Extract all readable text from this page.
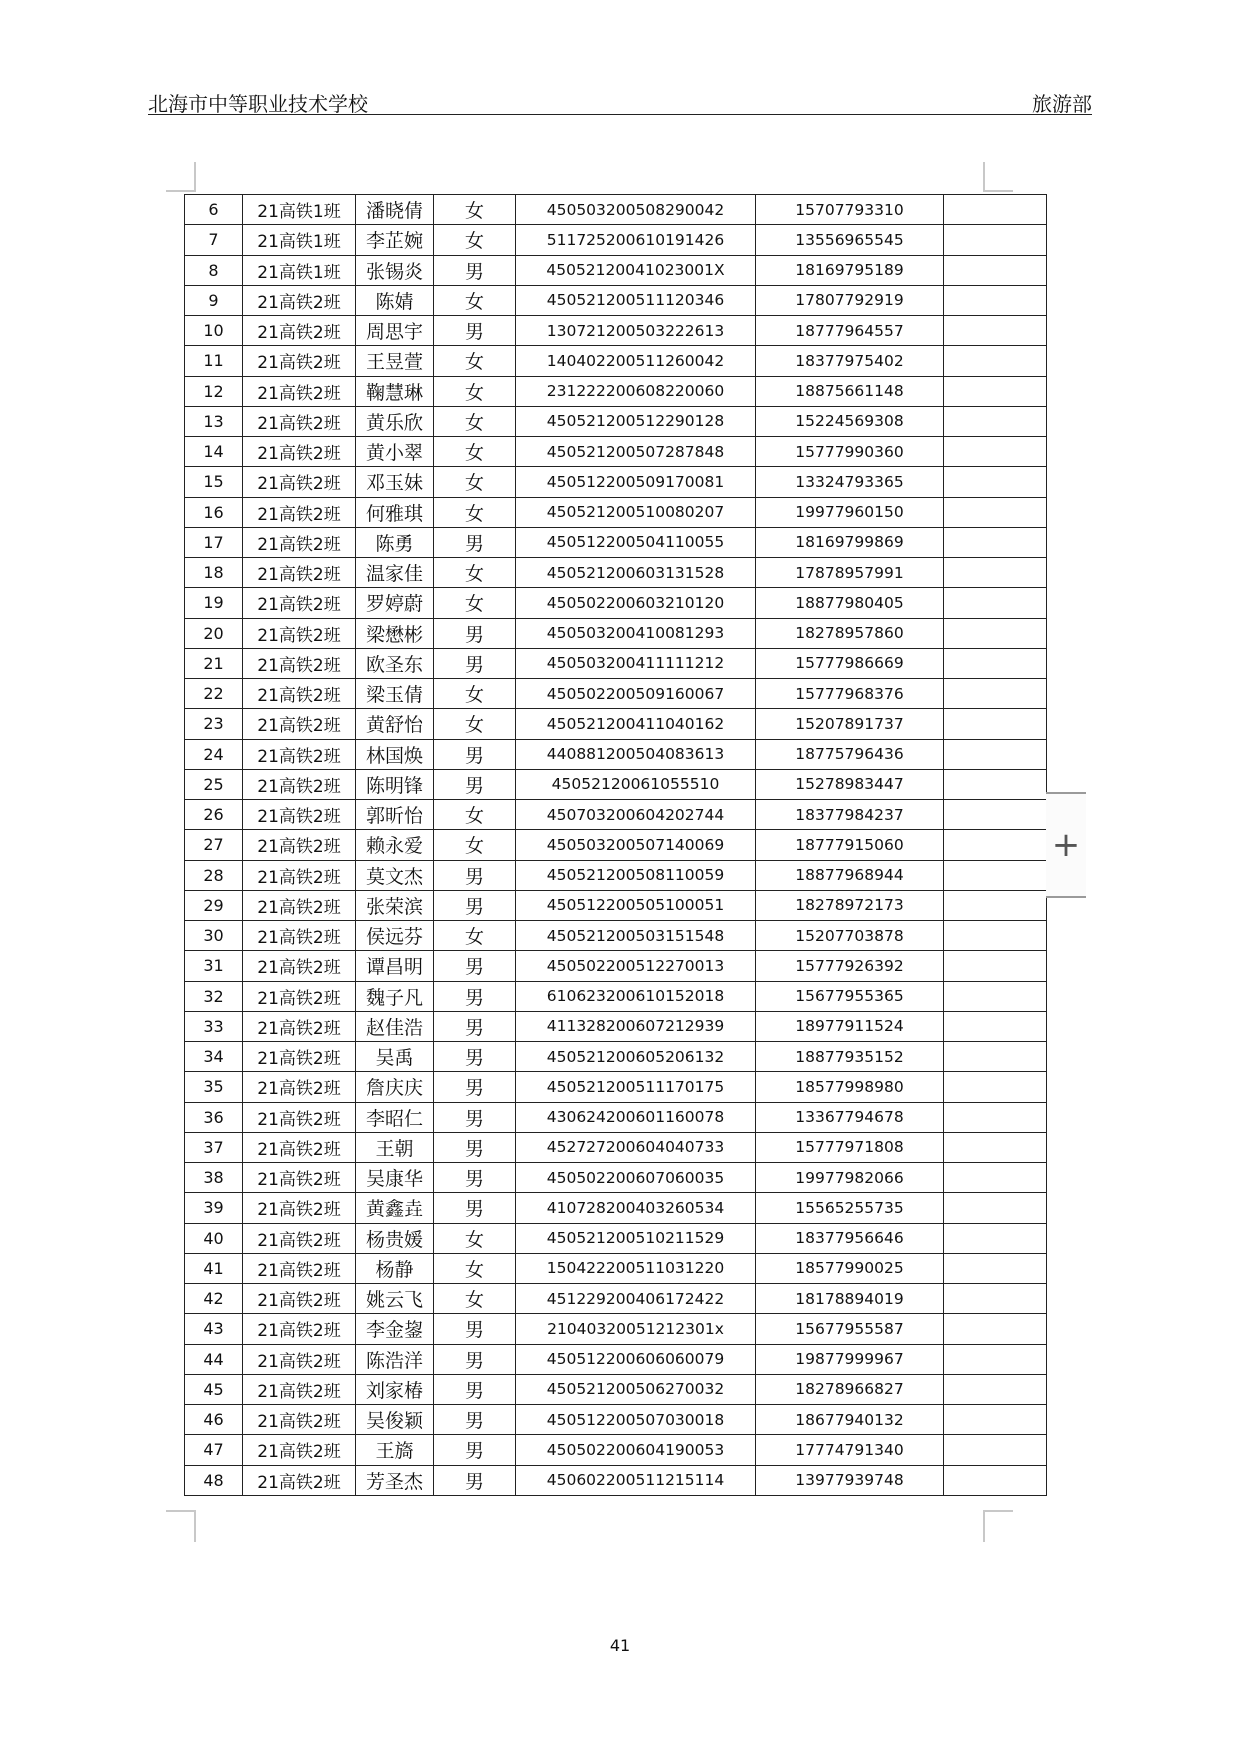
北海市中等职业技术学校	旅游部
6	21高铁1班	潘晓倩	女	450503200508290042	15707793310	
7	21高铁1班	李芷婉	女	511725200610191426	13556965545	
8	21高铁1班	张锡炎	男	45052120041023001X	18169795189	
9	21高铁2班	陈婧	女	450521200511120346	17807792919	
10	21高铁2班	周思宇	男	130721200503222613	18777964557	
11	21高铁2班	王昱萱	女	140402200511260042	18377975402	
12	21高铁2班	鞠慧琳	女	231222200608220060	18875661148	
13	21高铁2班	黄乐欣	女	450521200512290128	15224569308	
14	21高铁2班	黄小翠	女	450521200507287848	15777990360	
15	21高铁2班	邓玉妹	女	450512200509170081	13324793365	
16	21高铁2班	何雅琪	女	450521200510080207	19977960150	
17	21高铁2班	陈勇	男	450512200504110055	18169799869	
18	21高铁2班	温家佳	女	450521200603131528	17878957991	
19	21高铁2班	罗婷蔚	女	450502200603210120	18877980405	
20	21高铁2班	梁懋彬	男	450503200410081293	18278957860	
21	21高铁2班	欧圣东	男	450503200411111212	15777986669	
22	21高铁2班	梁玉倩	女	450502200509160067	15777968376	
23	21高铁2班	黄舒怡	女	450521200411040162	15207891737	
24	21高铁2班	林国焕	男	440881200504083613	18775796436	
25	21高铁2班	陈明锋	男	45052120061055510	15278983447	
26	21高铁2班	郭昕怡	女	450703200604202744	18377984237	
27	21高铁2班	赖永爱	女	450503200507140069	18777915060	
28	21高铁2班	莫文杰	男	450521200508110059	18877968944	
29	21高铁2班	张荣滨	男	450512200505100051	18278972173	
30	21高铁2班	侯远芬	女	450521200503151548	15207703878	
31	21高铁2班	谭昌明	男	450502200512270013	15777926392	
32	21高铁2班	魏子凡	男	610623200610152018	15677955365	
33	21高铁2班	赵佳浩	男	411328200607212939	18977911524	
34	21高铁2班	吴禹	男	450521200605206132	18877935152	
35	21高铁2班	詹庆庆	男	450521200511170175	18577998980	
36	21高铁2班	李昭仁	男	430624200601160078	13367794678	
37	21高铁2班	王朝	男	452727200604040733	15777971808	
38	21高铁2班	吴康华	男	450502200607060035	19977982066	
39	21高铁2班	黄鑫垚	男	410728200403260534	15565255735	
40	21高铁2班	杨贵媛	女	450521200510211529	18377956646	
41	21高铁2班	杨静	女	150422200511031220	18577990025	
42	21高铁2班	姚云飞	女	451229200406172422	18178894019	
43	21高铁2班	李金鋆	男	21040320051212301x	15677955587	
44	21高铁2班	陈浩洋	男	450512200606060079	19877999967	
45	21高铁2班	刘家椿	男	450521200506270032	18278966827	
46	21高铁2班	吴俊颖	男	450512200507030018	18677940132	
47	21高铁2班	王旖	男	450502200604190053	17774791340	
48	21高铁2班	芳圣杰	男	450602200511215114	13977939748	
+
41
